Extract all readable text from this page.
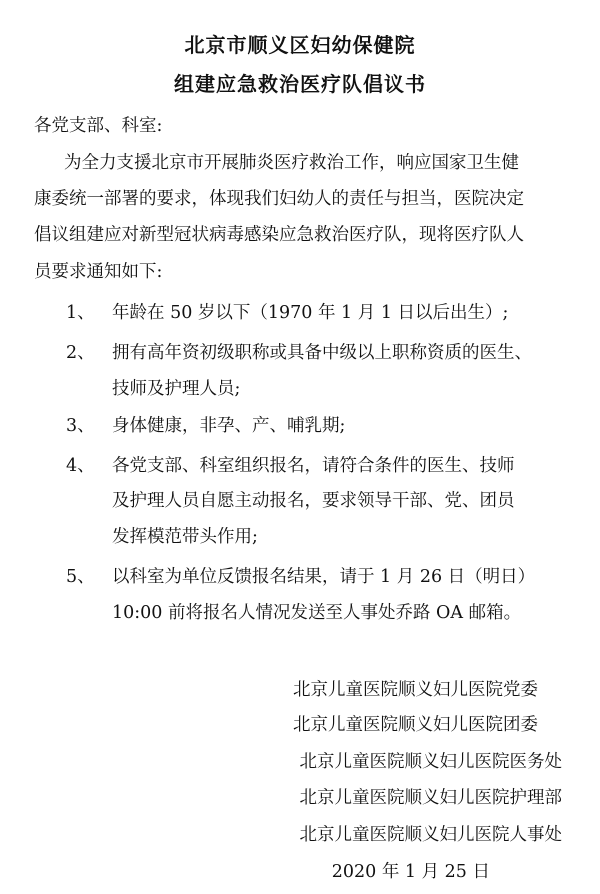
北京市顺义区妇幼保健院
组建应急救治医疗队倡议书
各党支部、科室:
为全力支援北京市开展肺炎医疗救治工作，响应国家卫生健
康委统一部署的要求，体现我们妇幼人的责任与担当，医院决定
倡议组建应对新型冠状病毒感染应急救治医疗队，现将医疗队人
员要求通知如下:
1、 年龄在 50 岁以下（1970 年 1 月 1 日以后出生）;
2、 拥有高年资初级职称或具备中级以上职称资质的医生、
技师及护理人员;
3、 身体健康，非孕、产、哺乳期;
4、 各党支部、科室组织报名，请符合条件的医生、技师
及护理人员自愿主动报名，要求领导干部、党、团员
发挥模范带头作用;
5、 以科室为单位反馈报名结果，请于 1 月 26 日（明日）
10:00 前将报名人情况发送至人事处乔路 OA 邮箱。
北京儿童医院顺义妇儿医院党委
北京儿童医院顺义妇儿医院团委
北京儿童医院顺义妇儿医院医务处
北京儿童医院顺义妇儿医院护理部
北京儿童医院顺义妇儿医院人事处
2020 年 1 月 25 日
